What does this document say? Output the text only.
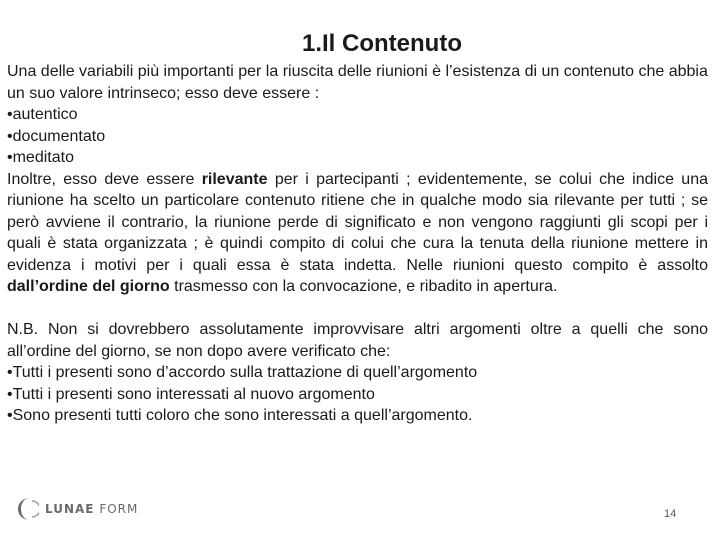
1.Il Contenuto

Una delle variabili più importanti per la riuscita delle riunioni è l’esistenza di un contenuto che abbia un suo valore intrinseco; esso deve essere :

•autentico
•documentato
•meditato

Inoltre, esso deve essere rilevante per i partecipanti ; evidentemente, se colui che indice una riunione ha scelto un particolare contenuto ritiene che in qualche modo sia rilevante per tutti ; se però avviene il contrario, la riunione perde di significato e non vengono raggiunti gli scopi per i quali è stata organizzata ; è quindi compito di colui che cura la tenuta della riunione mettere in evidenza i motivi per i quali essa è stata indetta. Nelle riunioni questo compito è assolto dall’ordine del giorno trasmesso con la convocazione, e ribadito in apertura.

N.B. Non si dovrebbero assolutamente improvvisare altri argomenti oltre a quelli che sono all’ordine del giorno, se non dopo avere verificato che:

•Tutti i presenti sono d’accordo sulla trattazione di quell’argomento
•Tutti i presenti sono interessati al nuovo argomento
•Sono presenti tutti coloro che sono interessati a quell’argomento.
LUNAE FORM	14
